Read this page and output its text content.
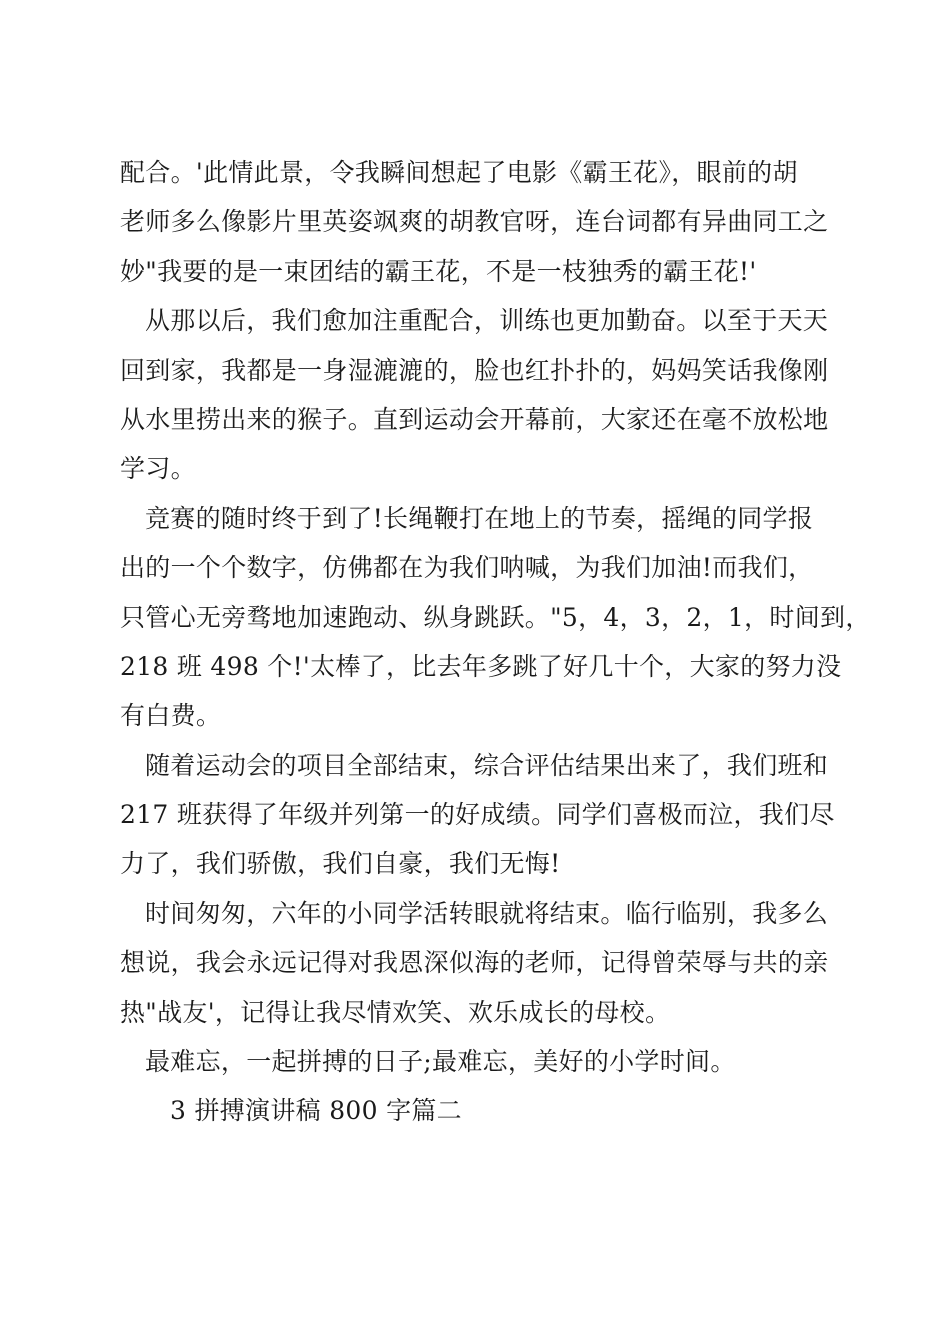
配合。'此情此景，令我瞬间想起了电影《霸王花》，眼前的胡
老师多么像影片里英姿飒爽的胡教官呀，连台词都有异曲同工之
妙"我要的是一束团结的霸王花，不是一枝独秀的霸王花!'
从那以后，我们愈加注重配合，训练也更加勤奋。以至于天天
回到家，我都是一身湿漉漉的，脸也红扑扑的，妈妈笑话我像刚
从水里捞出来的猴子。直到运动会开幕前，大家还在毫不放松地
学习。
竞赛的随时终于到了!长绳鞭打在地上的节奏，摇绳的同学报
出的一个个数字，仿佛都在为我们呐喊，为我们加油!而我们，
只管心无旁骛地加速跑动、纵身跳跃。"5，4，3，2，1，时间到，
218 班 498 个!'太棒了，比去年多跳了好几十个，大家的努力没
有白费。
随着运动会的项目全部结束，综合评估结果出来了，我们班和
217 班获得了年级并列第一的好成绩。同学们喜极而泣，我们尽
力了，我们骄傲，我们自豪，我们无悔!
时间匆匆，六年的小同学活转眼就将结束。临行临别，我多么
想说，我会永远记得对我恩深似海的老师，记得曾荣辱与共的亲
热"战友'，记得让我尽情欢笑、欢乐成长的母校。
最难忘，一起拼搏的日子;最难忘，美好的小学时间。
3 拼搏演讲稿 800 字篇二
